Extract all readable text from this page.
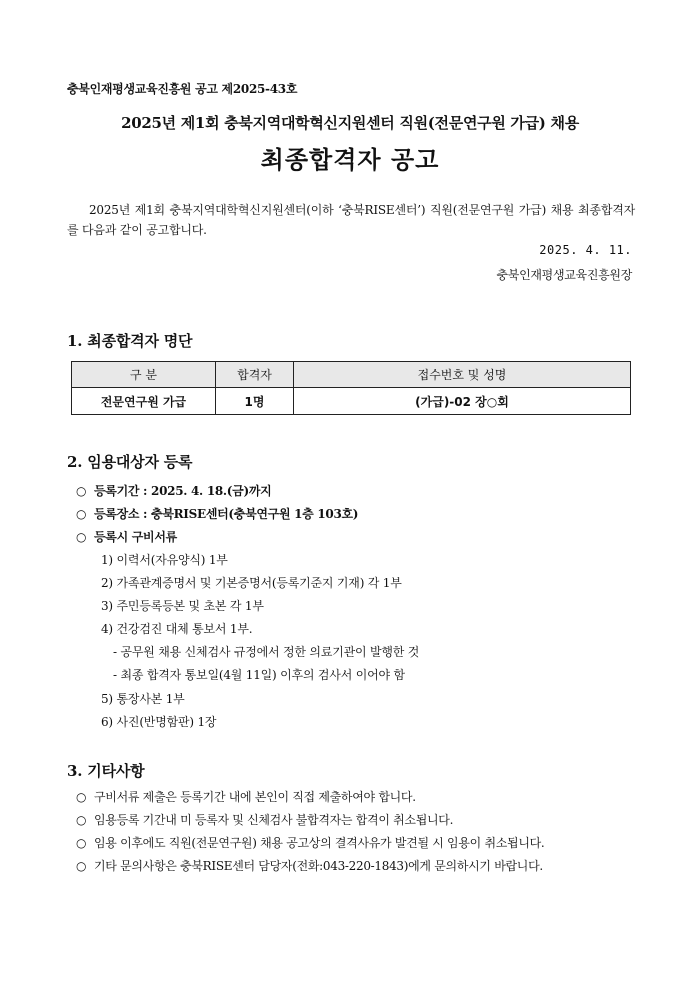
충북인재평생교육진흥원 공고 제2025-43호
2025년 제1회 충북지역대학혁신지원센터 직원(전문연구원 가급) 채용
최종합격자 공고
2025년 제1회 충북지역대학혁신지원센터(이하 ‘충북RISE센터’) 직원(전문연구원 가급) 채용 최종합격자를 다음과 같이 공고합니다.
2025. 4. 11.
충북인재평생교육진흥원장
1. 최종합격자 명단
구 분	합격자	접수번호 및 성명
전문연구원 가급	1명	(가급)-02 장○회
2. 임용대상자 등록
○ 등록기간 : 2025. 4. 18.(금)까지
○ 등록장소 : 충북RISE센터(충북연구원 1층 103호)
○ 등록시 구비서류
1) 이력서(자유양식) 1부
2) 가족관계증명서 및 기본증명서(등록기준지 기재) 각 1부
3) 주민등록등본 및 초본 각 1부
4) 건강검진 대체 통보서 1부.
- 공무원 채용 신체검사 규정에서 정한 의료기관이 발행한 것
- 최종 합격자 통보일(4월 11일) 이후의 검사서 이어야 함
5) 통장사본 1부
6) 사진(반명함판) 1장
3. 기타사항
○ 구비서류 제출은 등록기간 내에 본인이 직접 제출하여야 합니다.
○ 임용등록 기간내 미 등록자 및 신체검사 불합격자는 합격이 취소됩니다.
○ 임용 이후에도 직원(전문연구원) 채용 공고상의 결격사유가 발견될 시 임용이 취소됩니다.
○ 기타 문의사항은 충북RISE센터 담당자(전화:043-220-1843)에게 문의하시기 바랍니다.
